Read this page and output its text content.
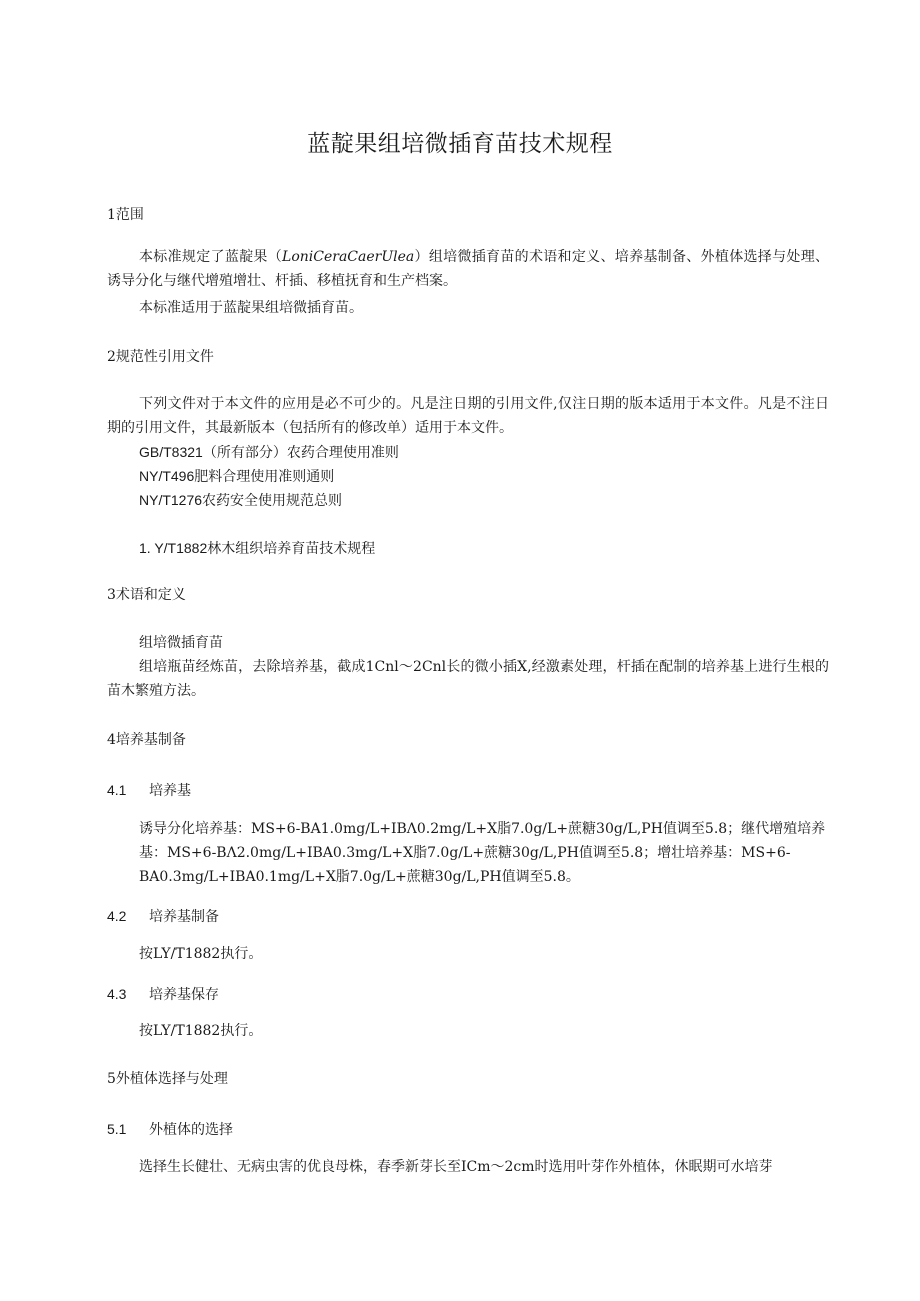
蓝靛果组培微插育苗技术规程
1范围

本标准规定了蓝靛果（LoniCeraCaerUlea）组培微插育苗的术语和定义、培养基制备、外植体选择与处理、诱导分化与继代增殖增壮、杆插、移植抚育和生产档案。

本标准适用于蓝靛果组培微插育苗。

2规范性引用文件

下列文件对于本文件的应用是必不可少的。凡是注日期的引用文件,仅注日期的版本适用于本文件。凡是不注日期的引用文件，其最新版本（包括所有的修改单）适用于本文件。

GB/T8321（所有部分）农药合理使用准则

NY/T496肥料合理使用准则通则

NY/T1276农药安全使用规范总则

1. Y/T1882林木组织培养育苗技术规程

3术语和定义

组培微插育苗

组培瓶苗经炼苗，去除培养基，截成1Cnl～2Cnl长的微小插X,经激素处理，杆插在配制的培养基上进行生根的苗木繁殖方法。

4培养基制备
4.1 培养基

诱导分化培养基：MS+6-BA1.0mg∕L+IBΛ0.2mg/L+X脂7.0g∕L+蔗糖30g∕L,PH值调至5.8；继代增殖培养
基：MS+6-BΛ2.0mg/L+IBA0.3mg/L+X脂7.0g∕L+蔗糖30g∕L,PH值调至5.8；增壮培养基：MS+6-
BA0.3mg/L+IBA0.1mg/L+X脂7.0g∕L+蔗糖30g∕L,PH值调至5.8。

4.2 培养基制备

按LY/T1882执行。

4.3 培养基保存

按LY/T1882执行。

5外植体选择与处理
5.1 外植体的选择

选择生长健壮、无病虫害的优良母株，春季新芽长至ICm～2cm时选用叶芽作外植体，休眠期可水培芽
